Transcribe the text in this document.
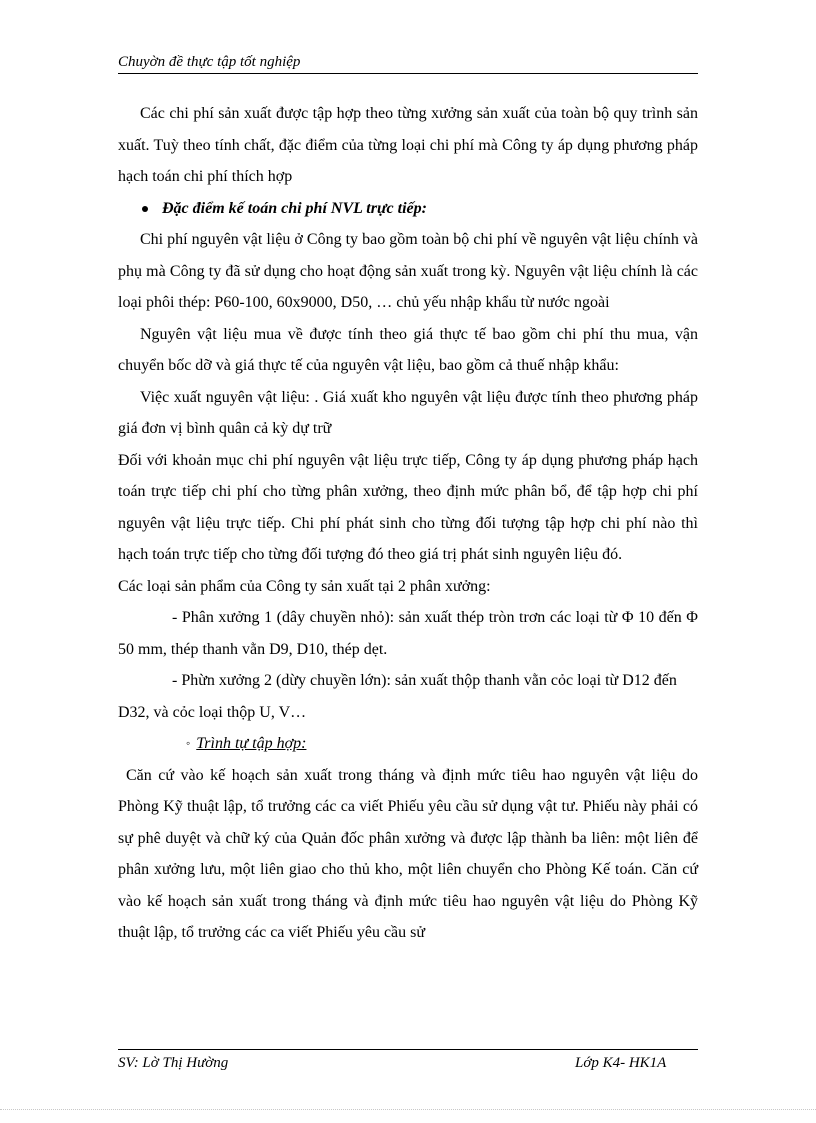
Chuyờn đề thực tập tốt nghiệp

Các chi phí sản xuất được tập hợp theo từng xưởng sản xuất của toàn bộ quy trình sản xuất. Tuỳ theo tính chất, đặc điểm của từng loại chi phí mà Công ty áp dụng phương pháp hạch toán chi phí thích hợp

Đặc điểm kế toán chi phí NVL trực tiếp:

Chi phí nguyên vật liệu ở Công ty bao gồm toàn bộ chi phí về nguyên vật liệu chính và phụ mà Công ty đã sử dụng cho hoạt động sản xuất trong kỳ. Nguyên vật liệu chính là các loại phôi thép: P60-100, 60x9000, D50, … chủ yếu nhập khẩu từ nước ngoài

Nguyên vật liệu mua về được tính theo giá thực tế bao gồm chi phí thu mua, vận chuyển bốc dỡ và giá thực tế của nguyên vật liệu, bao gồm cả thuế nhập khẩu:

Việc xuất nguyên vật liệu: . Giá xuất kho nguyên vật liệu được tính theo phương pháp giá đơn vị bình quân cả kỳ dự trữ

Đối với khoản mục chi phí nguyên vật liệu trực tiếp, Công ty áp dụng phương pháp hạch toán trực tiếp chi phí cho từng phân xưởng, theo định mức phân bổ, để tập hợp chi phí nguyên vật liệu trực tiếp. Chi phí phát sinh cho từng đối tượng tập hợp chi phí nào thì hạch toán trực tiếp cho từng đối tượng đó theo giá trị phát sinh nguyên liệu đó.

Các loại sản phẩm của Công ty sản xuất tại 2 phân xưởng:

- Phân xưởng 1 (dây chuyền nhỏ): sản xuất thép tròn trơn các loại từ Φ 10 đến Φ 50 mm, thép thanh vằn D9, D10, thép dẹt.

- Phừn xưởng 2 (dừy chuyền lớn): sản xuất thộp thanh vằn cỏc loại từ D12 đến D32, và cỏc loại thộp U, V…

◦ Trình tự tập hợp:

Căn cứ vào kế hoạch sản xuất trong tháng và định mức tiêu hao nguyên vật liệu do Phòng Kỹ thuật lập, tổ trưởng các ca viết Phiếu yêu cầu sử dụng vật tư. Phiếu này phải có sự phê duyệt và chữ ký của Quản đốc phân xưởng và được lập thành ba liên: một liên để phân xưởng lưu, một liên giao cho thủ kho, một liên chuyển cho Phòng Kế toán. Căn cứ vào kế hoạch sản xuất trong tháng và định mức tiêu hao nguyên vật liệu do Phòng Kỹ thuật lập, tổ trưởng các ca viết Phiếu yêu cầu sử

SV: Lờ Thị Hường	Lớp K4- HK1A
